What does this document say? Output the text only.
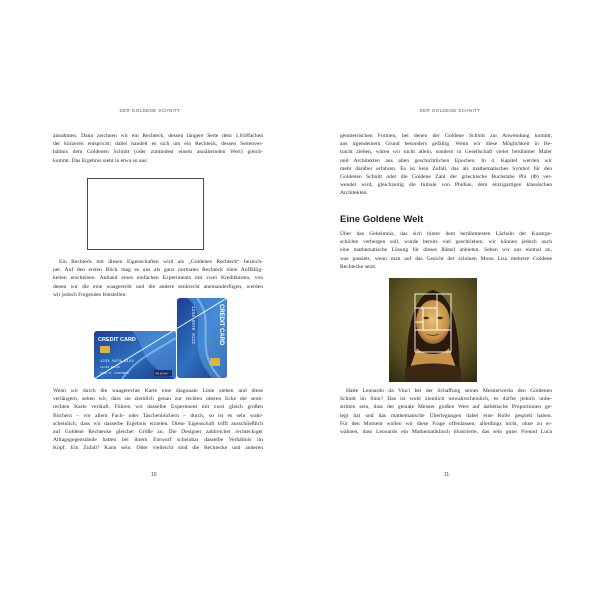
DER GOLDENE SCHNITT

annahmen. Dann zeichnen wir ein Rechteck, dessen längere Seite dem 1,618fachen
der kürzeren entspricht; dabei handelt es sich um ein Rechteck, dessen Seitenver-
hältnis dem Goldenen Schnitt (oder zumindest einem annähernden Wert) gleich-
kommt. Das Ergebnis sieht in etwa so aus:

Ein Rechteck mit diesen Eigenschaften wird als „Goldenes Rechteck“ bezeich-
net. Auf den ersten Blick mag es uns als ganz normales Rechteck ohne Auffällig-
keiten erscheinen. Anhand eines einfachen Experiments mit zwei Kreditkarten, von
denen wir die eine waagerecht und die andere senkrecht aneinanderfügen, werden
wir jedoch Folgendes feststellen:

CREDIT CARD
1234 5678 9123
CREDIT CARD
1234 5678 9123
12/34 01/23
CARD P. CUSTOMER	AB BANK

Wenn wir durch die waagerechte Karte eine diagonale Linie ziehen und diese
verlängern, sehen wir, dass sie ziemlich genau zur rechten oberen Ecke der senk-
rechten Karte verläuft. Führen wir dasselbe Experiment mit zwei gleich großen
Büchern – vor allem Fach- oder Taschenbüchern – durch, so ist es sehr wahr-
scheinlich, dass wir dasselbe Ergebnis erzielen. Diese Eigenschaft trifft ausschließlich
auf Goldene Rechtecke gleicher Größe zu. Die Designer zahlreicher rechteckiger
Alltagsgegenstände hatten bei ihrem Entwurf scheinbar dasselbe Verhältnis im
Kopf. Ein Zufall? Kann sein. Oder vielleicht sind die Rechtecke und anderen

10
DER GOLDENE SCHNITT

geometrischen Formen, bei denen der Goldene Schnitt zur Anwendung kommt,
aus irgendeinem Grund besonders gefällig. Wenn wir diese Möglichkeit in Be-
tracht ziehen, wären wir nicht allein, sondern in Gesellschaft vieler berühmter Maler
und Architekten aus allen geschichtlichen Epochen. In 4. Kapitel werden wir
mehr darüber erfahren. Es ist kein Zufall, das als mathematisches Symbol für den
Goldenen Schnitt oder die Goldene Zahl der griechische Buchstabe Phi (Φ) ver-
wendet wird, gleichzeitig die Initiale von Phidias, dem einzigartigen klassischen
Architekten.

Eine Goldene Welt

Über das Geheimnis, das sich hinter dem berühmtesten Lächeln der Kunstge-
schichte verbergen soll, wurde bereits viel geschrieben; wir können jedoch auch
eine mathematische Lösung für dieses Rätsel anbieten. Sehen wir uns einmal an,
was passiert, wenn man auf das Gesicht der schönen Mona Lisa mehrere Goldene
Rechtecke setzt.

Hatte Leonardo da Vinci bei der Schaffung seines Meisterwerks den Goldenen
Schnitt im Sinn? Das ist wohl ziemlich unwahrscheinlich, es dürfte jedoch unbe-
stritten sein, dass der geniale Meister großen Wert auf ästhetische Proportionen ge-
legt hat und das mathematische Überlegungen dabei eine Rolle gespielt haben.
Für den Moment wollen wir diese Frage offenlassen, allerdings nicht, ohne zu er-
wähnen, dass Leonardo ein Mathematikbuch illustrierte, das sein guter Freund Luca

11
